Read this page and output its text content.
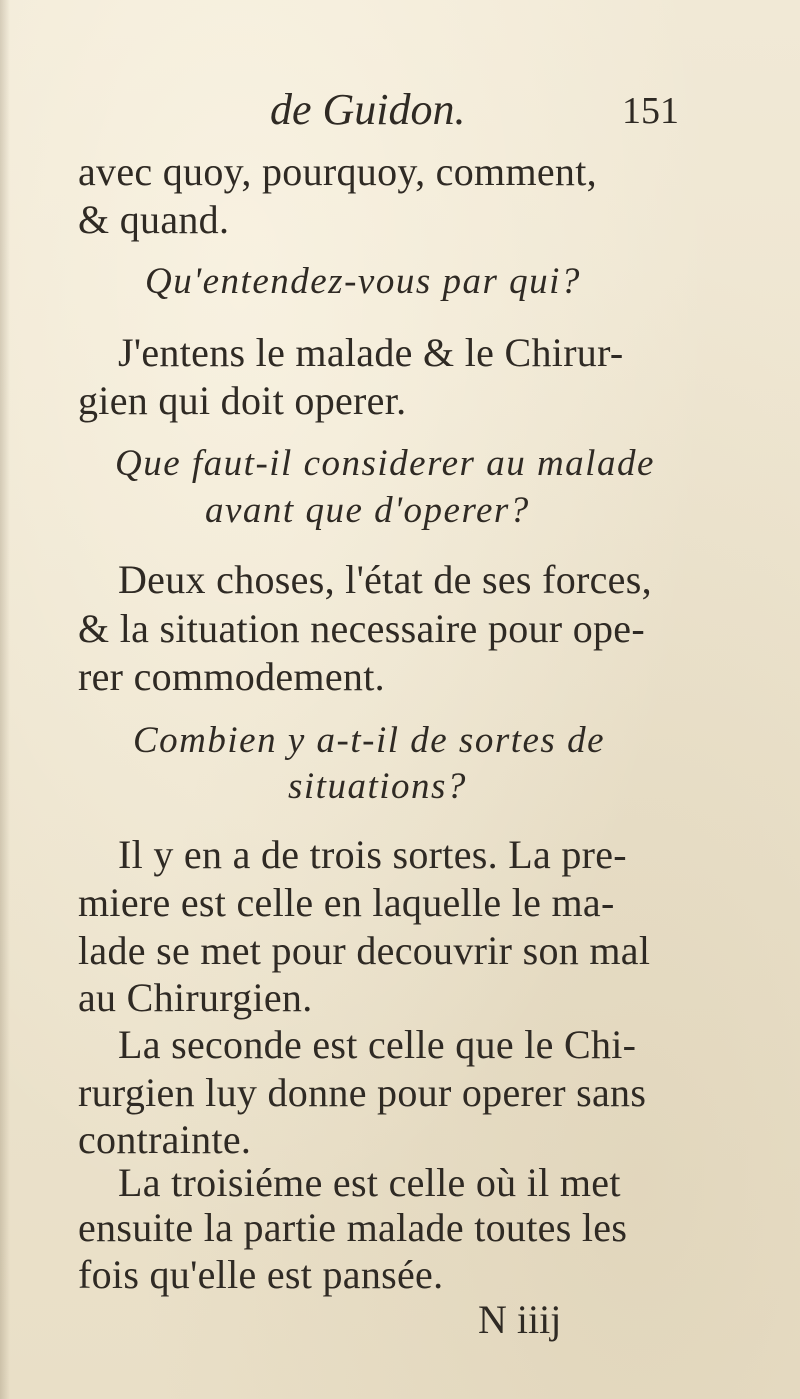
de Guidon.	151
avec quoy, pourquoy, comment,
& quand.
Qu'entendez-vous par qui?
J'entens le malade & le Chirur-
gien qui doit operer.
Que faut-il considerer au malade
avant que d'operer?
Deux choses, l'état de ses forces,
& la situation necessaire pour ope-
rer commodement.
Combien y a-t-il de sortes de
situations?
Il y en a de trois sortes. La pre-
miere est celle en laquelle le ma-
lade se met pour decouvrir son mal
au Chirurgien.
La seconde est celle que le Chi-
rurgien luy donne pour operer sans
contrainte.
La troisiéme est celle où il met
ensuite la partie malade toutes les
fois qu'elle est pansée.
N iiij
